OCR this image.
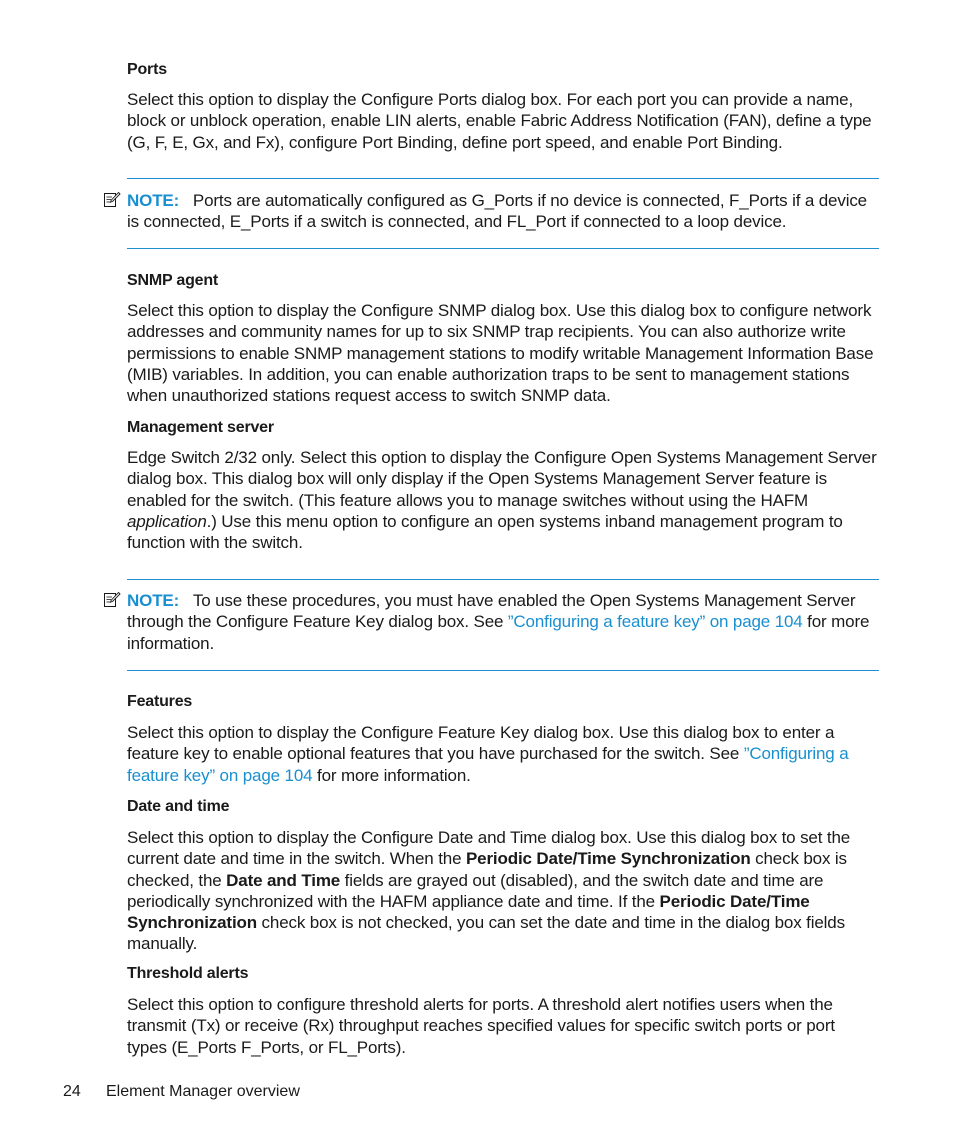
Ports

Select this option to display the Configure Ports dialog box. For each port you can provide a name, block or unblock operation, enable LIN alerts, enable Fabric Address Notification (FAN), define a type (G, F, E, Gx, and Fx), configure Port Binding, define port speed, and enable Port Binding.

NOTE: Ports are automatically configured as G_Ports if no device is connected, F_Ports if a device is connected, E_Ports if a switch is connected, and FL_Port if connected to a loop device.

SNMP agent

Select this option to display the Configure SNMP dialog box. Use this dialog box to configure network addresses and community names for up to six SNMP trap recipients. You can also authorize write permissions to enable SNMP management stations to modify writable Management Information Base (MIB) variables. In addition, you can enable authorization traps to be sent to management stations when unauthorized stations request access to switch SNMP data.

Management server

Edge Switch 2/32 only. Select this option to display the Configure Open Systems Management Server dialog box. This dialog box will only display if the Open Systems Management Server feature is enabled for the switch. (This feature allows you to manage switches without using the HAFM application.) Use this menu option to configure an open systems inband management program to function with the switch.

NOTE: To use these procedures, you must have enabled the Open Systems Management Server through the Configure Feature Key dialog box. See ”Configuring a feature key” on page 104 for more information.

Features

Select this option to display the Configure Feature Key dialog box. Use this dialog box to enter a feature key to enable optional features that you have purchased for the switch. See ”Configuring a feature key” on page 104 for more information.

Date and time

Select this option to display the Configure Date and Time dialog box. Use this dialog box to set the current date and time in the switch. When the Periodic Date/Time Synchronization check box is checked, the Date and Time fields are grayed out (disabled), and the switch date and time are periodically synchronized with the HAFM appliance date and time. If the Periodic Date/Time Synchronization check box is not checked, you can set the date and time in the dialog box fields manually.

Threshold alerts

Select this option to configure threshold alerts for ports. A threshold alert notifies users when the transmit (Tx) or receive (Rx) throughput reaches specified values for specific switch ports or port types (E_Ports F_Ports, or FL_Ports).

24 Element Manager overview
